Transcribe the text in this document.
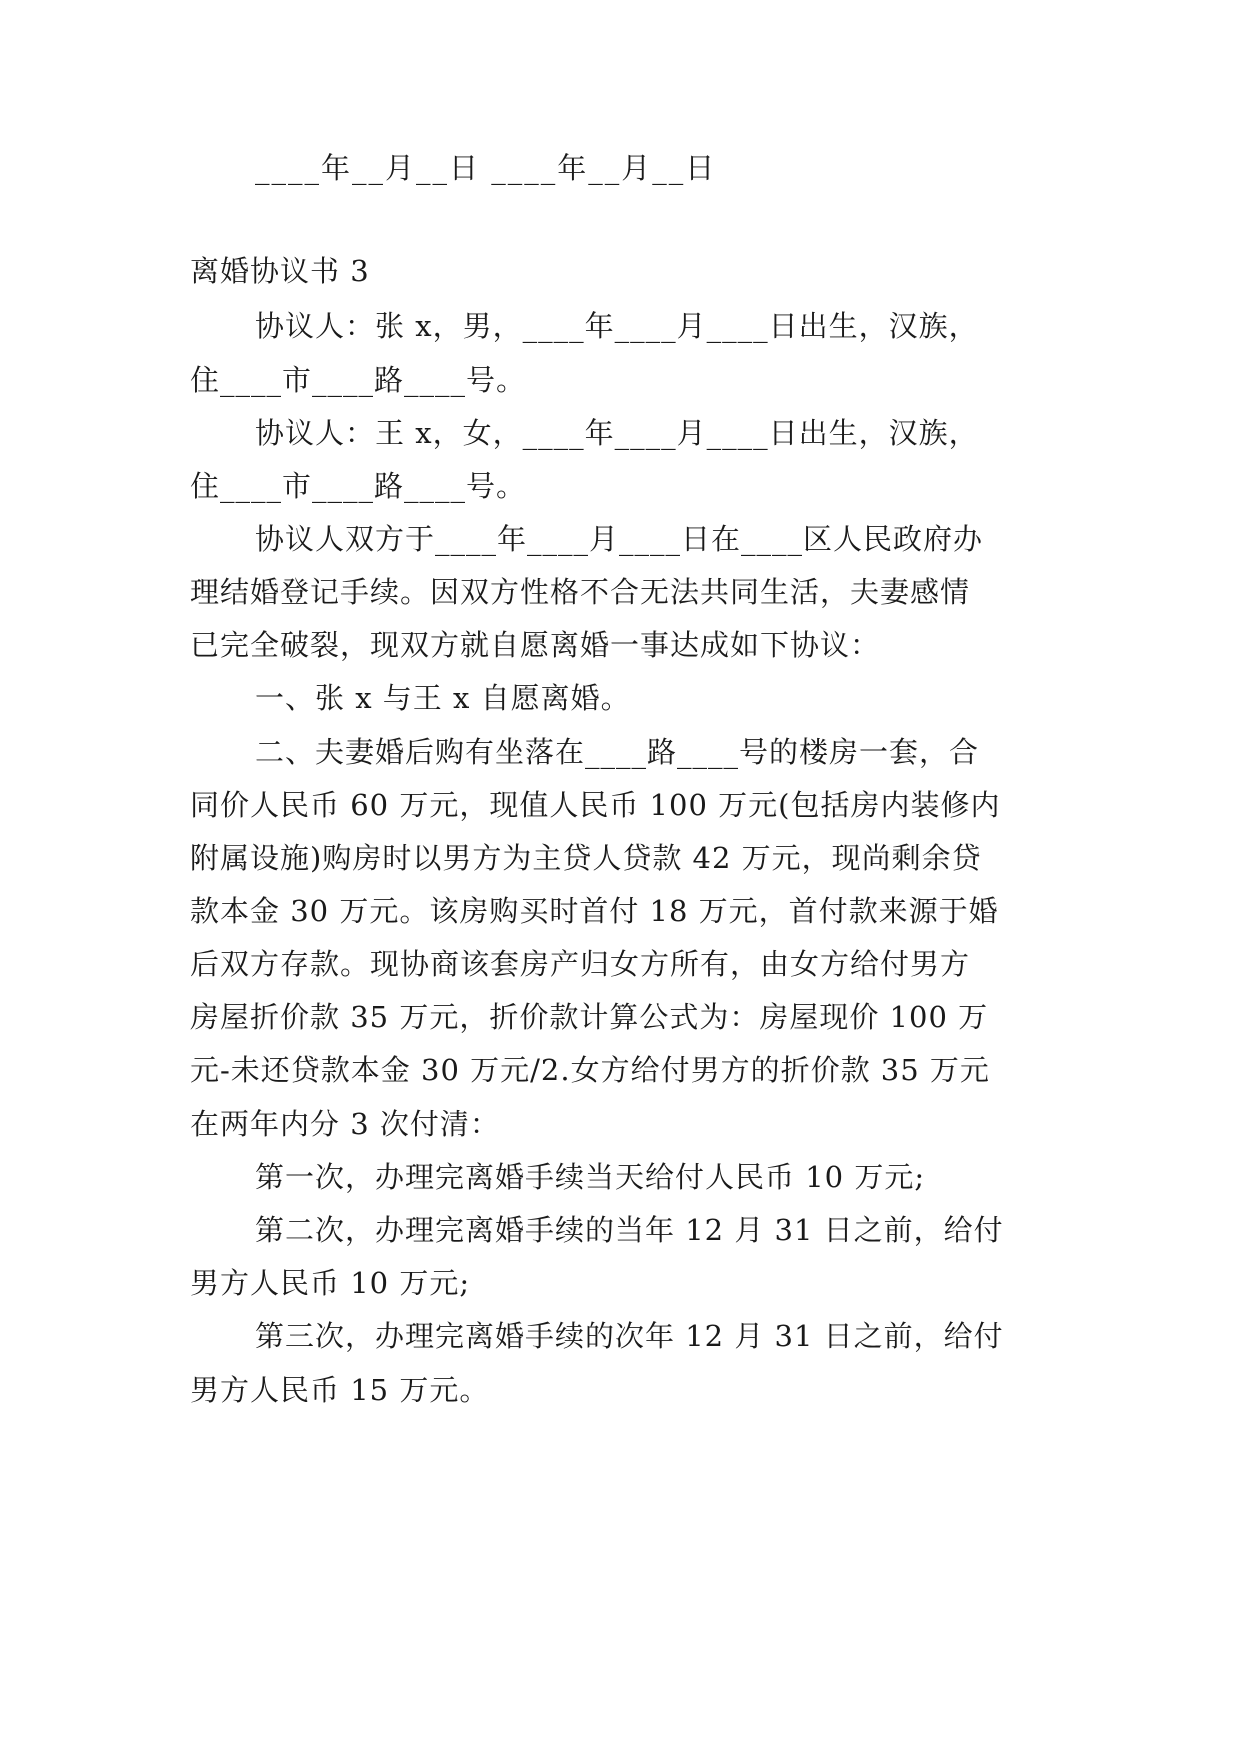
____年__月__日 ____年__月__日
离婚协议书 3
协议人：张 x，男，____年____月____日出生，汉族，
住____市____路____号。
协议人：王 x，女，____年____月____日出生，汉族，
住____市____路____号。
协议人双方于____年____月____日在____区人民政府办
理结婚登记手续。因双方性格不合无法共同生活，夫妻感情
已完全破裂，现双方就自愿离婚一事达成如下协议：
一、张 x 与王 x 自愿离婚。
二、夫妻婚后购有坐落在____路____号的楼房一套，合
同价人民币 60 万元，现值人民币 100 万元(包括房内装修内
附属设施)购房时以男方为主贷人贷款 42 万元，现尚剩余贷
款本金 30 万元。该房购买时首付 18 万元，首付款来源于婚
后双方存款。现协商该套房产归女方所有，由女方给付男方
房屋折价款 35 万元，折价款计算公式为：房屋现价 100 万
元-未还贷款本金 30 万元/2.女方给付男方的折价款 35 万元
在两年内分 3 次付清：
第一次，办理完离婚手续当天给付人民币 10 万元;
第二次，办理完离婚手续的当年 12 月 31 日之前，给付
男方人民币 10 万元;
第三次，办理完离婚手续的次年 12 月 31 日之前，给付
男方人民币 15 万元。
